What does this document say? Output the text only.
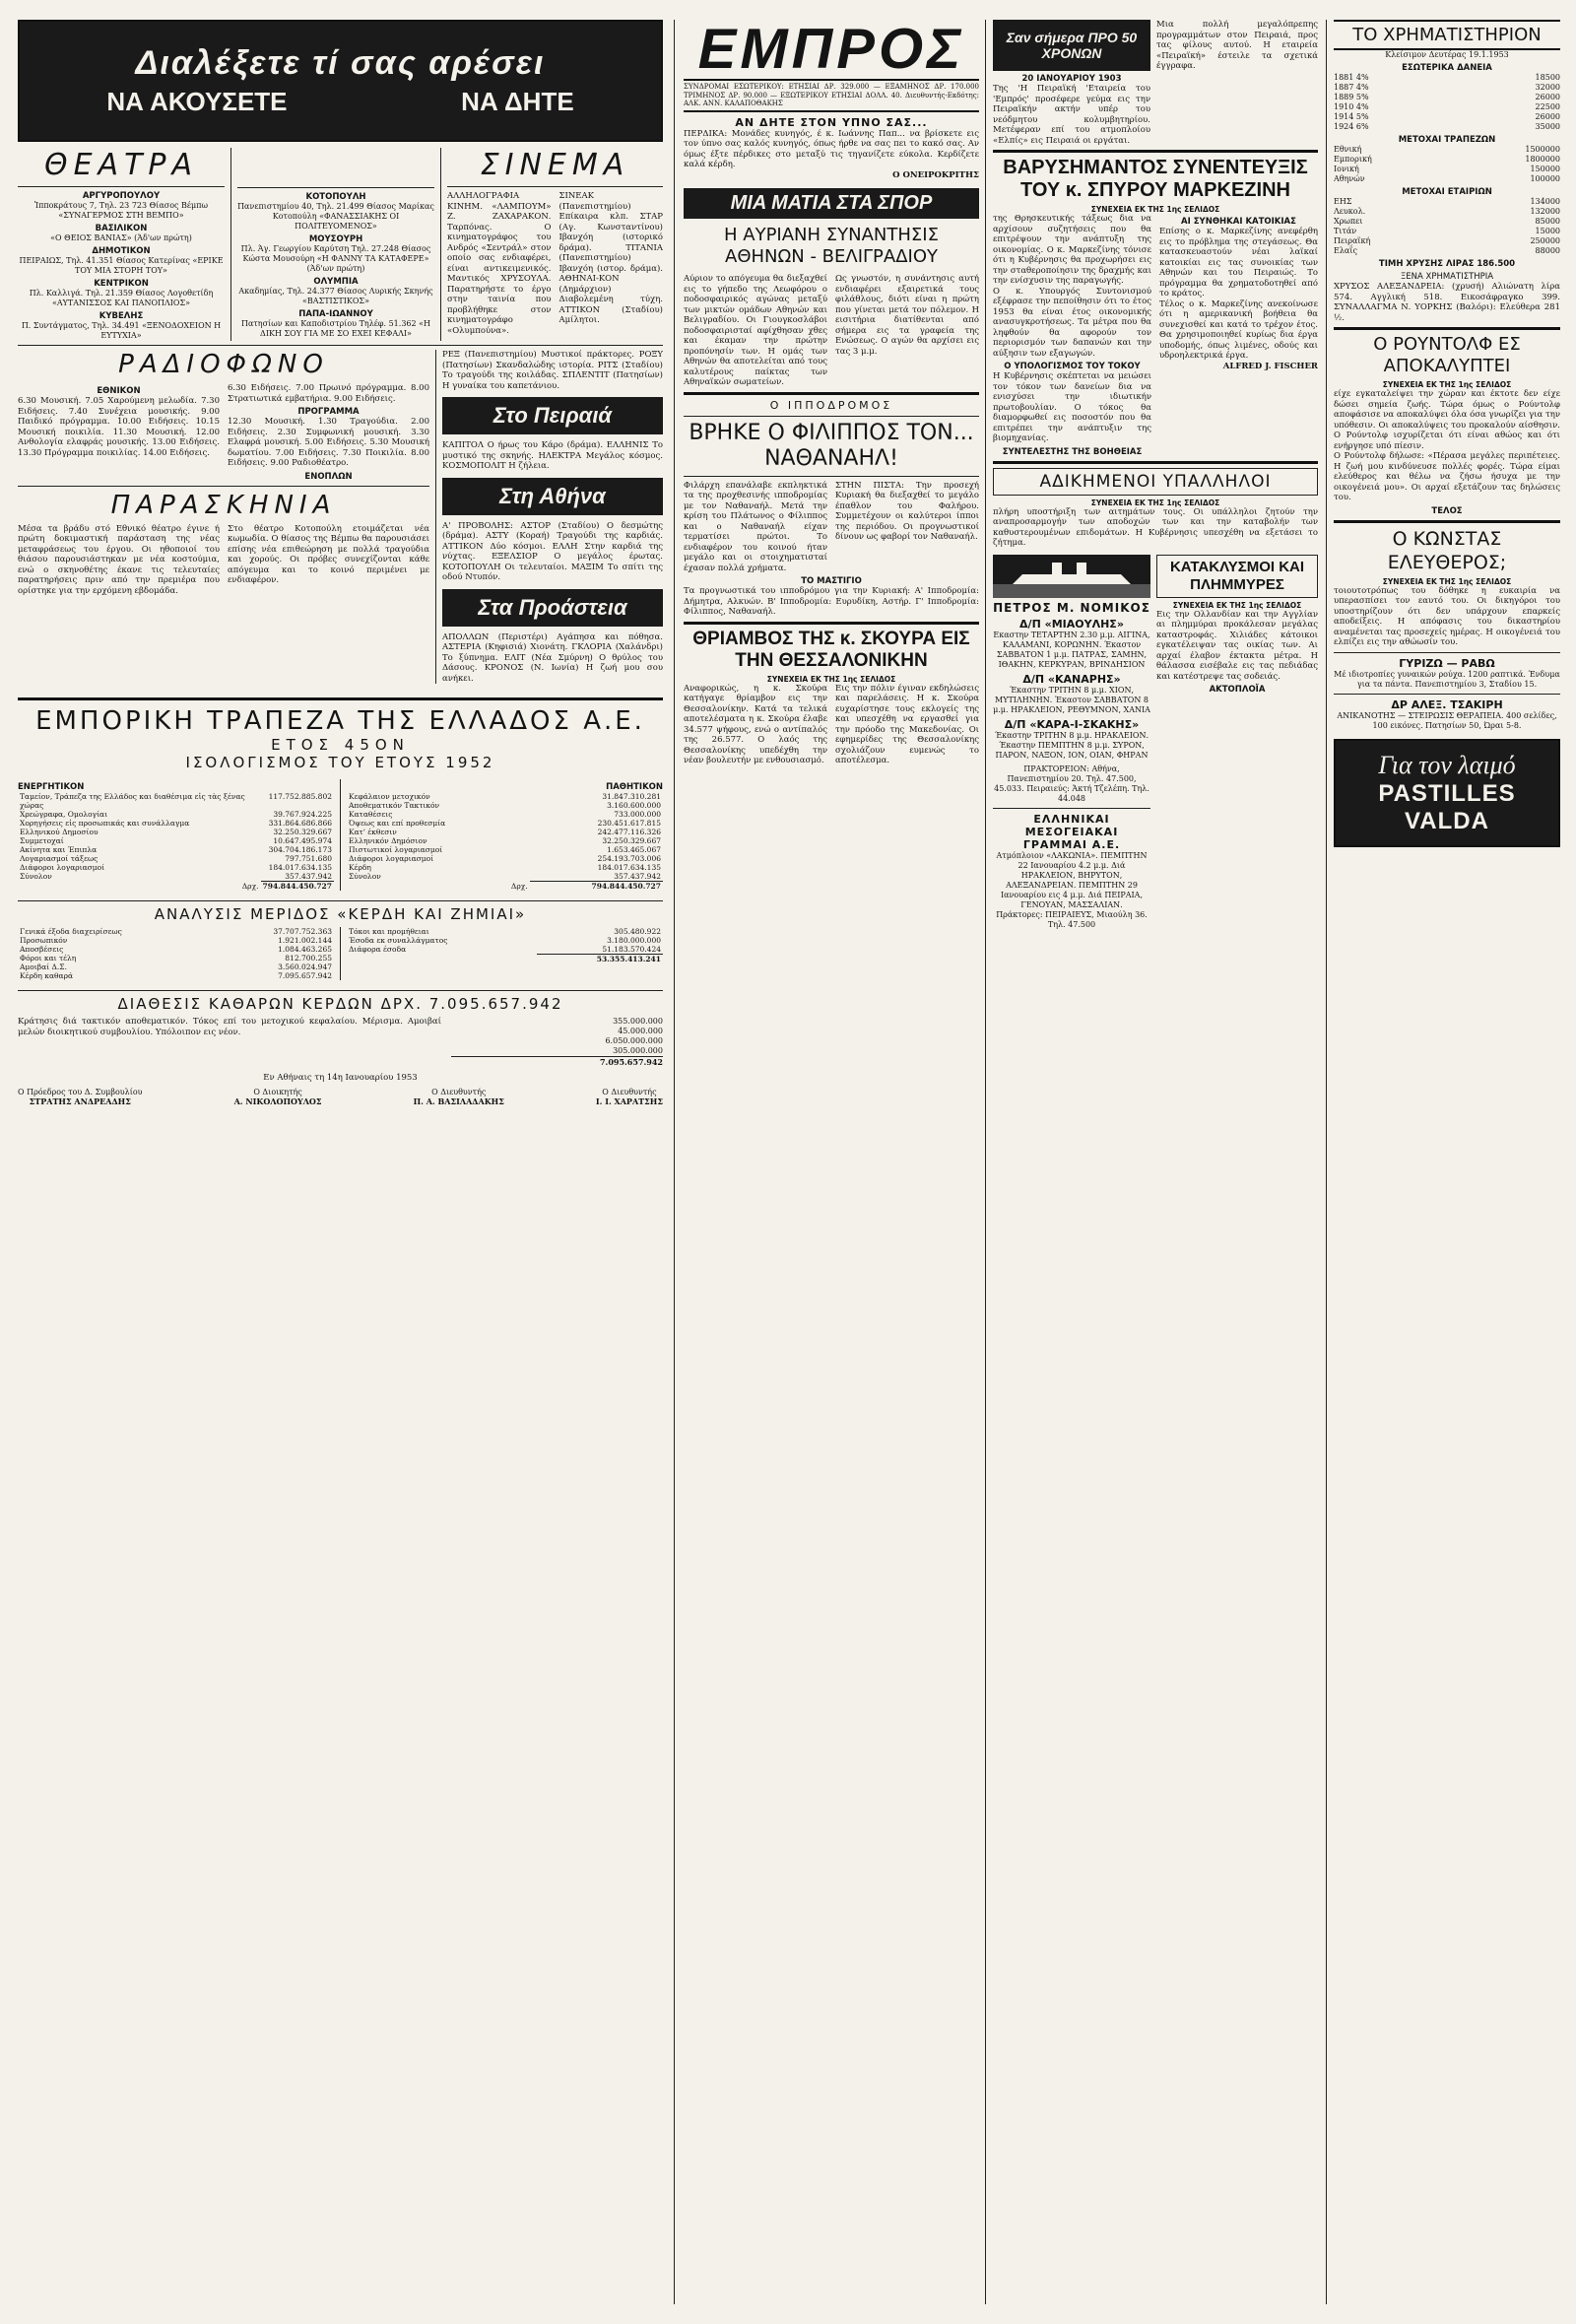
Διαλέξετε τί σας αρέσει
ΝΑ ΑΚΟΥΣΕΤΕ	ΝΑ ΔΗΤΕ
ΘΕΑΤΡΑ
ΑΡΓΥΡΟΠΟΥΛΟΥ
Ἱπποκράτους 7, Τηλ. 23 723 Θίασος Βέμπω «ΣΥΝΑΓΕΡΜΟΣ ΣΤΗ ΒΕΜΠΟ»
ΒΑΣΙΛΙΚΟΝ
«Ο ΘΕΙΟΣ ΒΑΝΙΑΣ» (Άδ'ων πρώτη)
ΔΗΜΟΤΙΚΟΝ
ΠΕΙΡΑΙΩΣ, Τηλ. 41.351 Θίασος Κατερίνας «ΕΡΙΚΕ ΤΟΥ ΜΙΑ ΣΤΟΡΗ ΤΟΥ»
ΚΕΝΤΡΙΚΟΝ
Πλ. Καλλιγά. Τηλ. 21.359 Θίασος Λογοθετίδη «ΑΥΤΑΝΙΣΣΟΣ ΚΑΙ ΠΑΝΟΠΛΙΟΣ»
ΚΥΒΕΛΗΣ
Π. Συντάγματος, Τηλ. 34.491 «ΞΕΝΟΔΟΧΕΙΟΝ Η ΕΥΤΥΧΙΑ»
ΚΟΤΟΠΟΥΛΗ
Πανεπιστημίου 40, Τηλ. 21.499 Θίασος Μαρίκας Κοτοπούλη «ΦΑΝΑΣΣΙΑΚΗΣ ΟΙ ΠΟΛΙΤΕΥΟΜΕΝΟΣ»
ΜΟΥΣΟΥΡΗ
Πλ. Άγ. Γεωργίου Καρύτση Τηλ. 27.248 Θίασος Κώστα Μουσούρη «Η ΦΑΝΝΥ ΤΑ ΚΑΤΑΦΕΡΕ» (Άδ'ων πρώτη)
ΟΛΥΜΠΙΑ
Ακαδημίας, Τηλ. 24.377 Θίασος Λυρικής Σκηνής «ΒΑΣΤΙΣΤΙΚΟΣ»
ΠΑΠΑ-ΙΩΑΝΝΟΥ
Πατησίων και Καποδιστρίου Τηλέφ. 51.362 «Η ΔΙΚΗ ΣΟΥ ΓΙΑ ΜΕ ΣΟ ΕΧΕΙ ΚΕΦΑΛΙ»
ΣΙΝΕΜΑ
ΑΛΛΗΛΟΓΡΑΦΙΑ ΚΙΝΗΜ. «ΛΑΜΠΟΥΜ» Ζ. ΖΑΧΑΡΑΚΟΝ. Ταρπόνας. Ο κινηματογράφος του Ανδρός «Σεντράλ» στον οποίο σας ενδιαφέρει, είναι αντικειμενικός. Μαντικός ΧΡΥΣΟΥΛΑ. Παρατηρήστε το έργο στην ταινία που προβλήθηκε στον κινηματογράφο «Ολυμπούνα».
ΣΙΝΕΑΚ (Πανεπιστημίου) Επίκαιρα κλπ. ΣΤΑΡ (Αγ. Κωνσταντίνου) Ιβανχόη (ιστορικό δράμα). ΤΙΤΑΝΙΑ (Πανεπιστημίου) Ιβανχόη (ιστορ. δράμα). ΑΘΗΝΑΙ-ΚΟΝ (Δημάρχιον) Διαβολεμένη τύχη. ΑΤΤΙΚΟΝ (Σταδίου) Αμίλητοι.
ΡΑΔΙΟΦΩΝΟ
ΕΘΝΙΚΟΝ
6.30 Μουσική. 7.05 Χαρούμενη μελωδία. 7.30 Ειδήσεις. 7.40 Συνέχεια μουσικής. 9.00 Παιδικό πρόγραμμα. 10.00 Ειδήσεις. 10.15 Μουσική ποικιλία. 11.30 Μουσική. 12.00 Ανθολογία ελαφράς μουσικής. 13.00 Ειδήσεις. 13.30 Πρόγραμμα ποικιλίας. 14.00 Ειδήσεις.
6.30 Ειδήσεις. 7.00 Πρωινό πρόγραμμα. 8.00 Στρατιωτικά εμβατήρια. 9.00 Ειδήσεις.
ΠΡΟΓΡΑΜΜΑ
12.30 Μουσική. 1.30 Τραγούδια. 2.00 Ειδήσεις. 2.30 Συμφωνική μουσική. 3.30 Ελαφρά μουσική. 5.00 Ειδήσεις. 5.30 Μουσική δωματίου. 7.00 Ειδήσεις. 7.30 Ποικιλία. 8.00 Ειδήσεις. 9.00 Ραδιοθέατρο.
ΕΝΟΠΛΩΝ
ΠΑΡΑΣΚΗΝΙΑ
Μέσα τα βράδυ στό Εθνικό θέατρο έγινε ή πρώτη δοκιμαστική παράσταση της νέας μεταφράσεως του έργου. Οι ηθοποιοί του θιάσου παρουσιάστηκαν με νέα κοστούμια, ενώ ο σκηνοθέτης έκανε τις τελευταίες παρατηρήσεις πριν από την πρεμιέρα που ορίστηκε για την ερχόμενη εβδομάδα.
Στο θέατρο Κοτοπούλη ετοιμάζεται νέα κωμωδία. Ο θίασος της Βέμπω θα παρουσιάσει επίσης νέα επιθεώρηση με πολλά τραγούδια και χορούς. Οι πρόβες συνεχίζονται κάθε απόγευμα και το κοινό περιμένει με ενδιαφέρον.
ΡΕΞ (Πανεπιστημίου) Μυστικοί πράκτορες. ΡΟΞΥ (Πατησίων) Σκανδαλώδης ιστορία. ΡΙΤΣ (Σταδίου) Το τραγούδι της κοιλάδας. ΣΠΛΕΝΤΙΤ (Πατησίων) Η γυναίκα του καπετάνιου.
Στο Πειραιά
ΚΑΠΙΤΟΛ Ο ήρως του Κάρο (δράμα). ΕΛΛΗΝΙΣ Το μυστικό της σκηνής. ΗΛΕΚΤΡΑ Μεγάλος κόσμος. ΚΟΣΜΟΠΟΛΙΤ Η ζήλεια.
Στη Αθήνα
Α' ΠΡΟΒΟΛΗΣ: ΑΣΤΟΡ (Σταδίου) Ο δεσμώτης (δράμα). ΑΣΤΥ (Κοραή) Τραγούδι της καρδιάς. ΑΤΤΙΚΟΝ Δύο κόσμοι. ΕΛΛΗ Στην καρδιά της νύχτας. ΕΞΕΛΣΙΟΡ Ο μεγάλος έρωτας. ΚΟΤΟΠΟΥΛΗ Οι τελευταίοι. ΜΑΞΙΜ Το σπίτι της οδού Ντυπόν.
Στα Προάστεια
ΑΠΟΛΛΩΝ (Περιστέρι) Αγάπησα και πόθησα. ΑΣΤΕΡΙΑ (Κηφισιά) Χιονάτη. ΓΚΛΟΡΙΑ (Χαλάνδρι) Το ξύπνημα. ΕΛΙΤ (Νέα Σμύρνη) Ο θρύλος του Δάσους. ΚΡΟΝΟΣ (Ν. Ιωνία) Η ζωή μου σου ανήκει.
ΕΜΠΟΡΙΚΗ ΤΡΑΠΕΖΑ ΤΗΣ ΕΛΛΑΔΟΣ Α.Ε.
ΕΤΟΣ 45ΟΝ
ΙΣΟΛΟΓΙΣΜΟΣ ΤΟΥ ΕΤΟΥΣ 1952
ΕΝΕΡΓΗΤΙΚΟΝ
Ταμείον, Τράπεζα της Ελλάδος και διαθέσιμα εἰς τὰς ξένας χώρας	117.752.885.802
Χρεώγραφα, Ομολογίαι	39.767.924.225
Χορηγήσεις εἰς προσωπικάς και συνάλλαγμα	331.864.686.866
Ελληνικού Δημοσίου	32.250.329.667
Συμμετοχαί	10.647.495.974
Ακίνητα και Έπιπλα	304.704.186.173
Λογαριασμοί τάξεως	797.751.680
Διάφοροι λογαριασμοί	184.017.634.135
Σύνολον	357.437.942
Δρχ.	794.844.450.727
ΠΑΘΗΤΙΚΟΝ
Κεφάλαιον μετοχικόν	31.847.310.281
Αποθεματικόν Τακτικόν	3.160.600.000
Καταθέσεις	733.000.000
Όψεως και επί προθεσμία	230.451.617.815
Κατ' έκθεσιν	242.477.116.326
Ελληνικόν Δημόσιον	32.250.329.667
Πιστωτικοί λογαριασμοί	1.653.465.067
Διάφοροι λογαριασμοί	254.193.703.006
Κέρδη	184.017.634.135
Σύνολον	357.437.942
Δρχ.	794.844.450.727
ΑΝΑΛΥΣΙΣ ΜΕΡΙΔΟΣ «ΚΕΡΔΗ ΚΑΙ ΖΗΜΙΑΙ»
Γενικά έξοδα διαχειρίσεως	37.707.752.363
Προσωπικόν	1.921.002.144
Αποσβέσεις	1.084.463.265
Φόροι και τέλη	812.700.255
Αμοιβαί Δ.Σ.	3.560.024.947
Κέρδη καθαρά	7.095.657.942
Τόκοι και προμήθειαι	305.480.922
Έσοδα εκ συναλλάγματος	3.180.000.000
Διάφορα έσοδα	51.183.570.424
	53.355.413.241
ΔΙΑΘΕΣΙΣ ΚΑΘΑΡΩΝ ΚΕΡΔΩΝ ΔΡΧ. 7.095.657.942
Κράτησις διά τακτικόν αποθεματικόν. Τόκος επί του μετοχικού κεφαλαίου. Μέρισμα. Αμοιβαί μελών διοικητικού συμβουλίου. Υπόλοιπον εις νέον.
355.000.000
45.000.000
6.050.000.000
305.000.000
7.095.657.942
Εν Αθήναις τη 14η Ιανουαρίου 1953
Ο Πρόεδρος του Δ. Συμβουλίου
ΣΤΡΑΤΗΣ ΑΝΔΡΕΑΔΗΣ
Ο Διοικητής
Α. ΝΙΚΟΛΟΠΟΥΛΟΣ
Ο Διευθυντής
Π. Α. ΒΑΣΙΛΑΔΑΚΗΣ
Ο Διευθυντής
Ι. Ι. ΧΑΡΑΤΣΗΣ
ΕΜΠΡΟΣ
ΣΥΝΔΡΟΜΑΙ ΕΣΩΤΕΡΙΚΟΥ: ΕΤΗΣΙΑΙ ΔΡ. 329.000 — ΕΞΑΜΗΝΟΣ ΔΡ. 170.000 ΤΡΙΜΗΝΟΣ ΔΡ. 90.000 — ΕΞΩΤΕΡΙΚΟΥ ΕΤΗΣΙΑΙ ΔΟΛΛ. 40. Διευθυντής-Εκδότης: ΑΛΚ. ΑΝΝ. ΚΑΛΑΠΟΘΑΚΗΣ
ΑΝ ΔΗΤΕ ΣΤΟΝ ΥΠΝΟ ΣΑΣ...
ΠΕΡΔΙΚΑ: Μονάδες κυνηγός, έ κ. Ιωάννης Παπ... να βρίσκετε εις τον ύπνο σας καλός κυνηγός, όπως ήρθε να σας πει το κακό σας. Αν όμως έξτε πέρδικες στο μεταξύ τις τηγανίζετε εύκολα. Κερδίζετε καλά κέρδη.
Ο ΟΝΕΙΡΟΚΡΙΤΗΣ
ΜΙΑ ΜΑΤΙΑ ΣΤΑ ΣΠΟΡ
Η ΑΥΡΙΑΝΗ ΣΥΝΑΝΤΗΣΙΣ ΑΘΗΝΩΝ - ΒΕΛΙΓΡΑΔΙΟΥ
Αύριον το απόγευμα θα διεξαχθεί εις το γήπεδο της Λεωφόρου ο ποδοσφαιρικός αγώνας μεταξύ των μικτών ομάδων Αθηνών και Βελιγραδίου. Οι Γιουγκοσλάβοι ποδοσφαιρισταί αφίχθησαν χθες και έκαμαν την πρώτην προπόνησίν των. Η ομάς των Αθηνών θα αποτελείται από τους καλυτέρους παίκτας των Αθηναϊκών σωματείων.
Ως γνωστόν, η συνάντησις αυτή ενδιαφέρει εξαιρετικά τους φιλάθλους, διότι είναι η πρώτη που γίνεται μετά τον πόλεμον. Η εισιτήρια διατίθενται από σήμερα εις τα γραφεία της Ενώσεως. Ο αγών θα αρχίσει εις τας 3 μ.μ.
Ο ΙΠΠΟΔΡΟΜΟΣ
ΒΡΗΚΕ Ο ΦΙΛΙΠΠΟΣ ΤΟΝ... ΝΑΘΑΝΑΗΛ!
Φιλάρχη επανάλαβε εκπληκτικά τα της προχθεσινής ιπποδρομίας με τον Ναθαναήλ. Μετά την κρίση του Πλάτωνος ο Φίλιππος και ο Ναθαναήλ είχαν τερματίσει πρώτοι. Το ενδιαφέρον του κοινού ήταν μεγάλο και οι στοιχηματισταί έχασαν πολλά χρήματα.
ΣΤΗΝ ΠΙΣΤΑ: Την προσεχή Κυριακή θα διεξαχθεί το μεγάλο έπαθλον του Φαλήρου. Συμμετέχουν οι καλύτεροι ίπποι της περιόδου. Οι προγνωστικοί δίνουν ως φαβορί τον Ναθαναήλ.
ΤΟ ΜΑΣΤΙΓΙΟ
Τα προγνωστικά του ιπποδρόμου για την Κυριακή: Α' Ιπποδρομία: Δήμητρα, Αλκυών. Β' Ιπποδρομία: Ευρυδίκη, Αστήρ. Γ' Ιπποδρομία: Φίλιππος, Ναθαναήλ.
ΘΡΙΑΜΒΟΣ ΤΗΣ κ. ΣΚΟΥΡΑ ΕΙΣ ΤΗΝ ΘΕΣΣΑΛΟΝΙΚΗΝ
ΣΥΝΕΧΕΙΑ ΕΚ ΤΗΣ 1ης ΣΕΛΙΔΟΣ
Αναφορικώς, η κ. Σκούρα κατήγαγε θρίαμβον εις την Θεσσαλονίκην. Κατά τα τελικά αποτελέσματα η κ. Σκούρα έλαβε 34.577 ψήφους, ενώ ο αντίπαλός της 26.577. Ο λαός της Θεσσαλονίκης υπεδέχθη την νέαν βουλευτήν με ενθουσιασμό.
Εις την πόλιν έγιναν εκδηλώσεις και παρελάσεις. Η κ. Σκούρα ευχαρίστησε τους εκλογείς της και υπεσχέθη να εργασθεί για την πρόοδο της Μακεδονίας. Οι εφημερίδες της Θεσσαλονίκης σχολιάζουν ευμενώς το αποτέλεσμα.
Σαν σήμερα ΠΡΟ 50 ΧΡΟΝΩΝ
20 ΙΑΝΟΥΑΡΙΟΥ 1903
Της 'Η Πειραϊκή 'Εταιρεία του 'Εμπρός' προσέφερε γεύμα εις την Πειραϊκήν ακτήν υπέρ του νεόδμητου κολυμβητηρίου. Μετέφεραν επί του ατμοπλοίου «Ελπίς» εις Πειραιά οι εργάται.
Μια πολλή μεγαλόπρεπης προγραμμάτων στον Πειραιά, προς τας φίλους αυτού. Η εταιρεία «Πειραϊκή» έστειλε τα σχετικά έγγραφα.
ΒΑΡΥΣΗΜΑΝΤΟΣ ΣΥΝΕΝΤΕΥΞΙΣ ΤΟΥ κ. ΣΠΥΡΟΥ ΜΑΡΚΕΖΙΝΗ
ΣΥΝΕΧΕΙΑ ΕΚ ΤΗΣ 1ης ΣΕΛΙΔΟΣ
της Θρησκευτικής τάξεως δια να αρχίσουν συζητήσεις που θα επιτρέψουν την ανάπτυξη της οικονομίας. Ο κ. Μαρκεζίνης τόνισε ότι η Κυβέρνησις θα προχωρήσει εις την σταθεροποίησιν της δραχμής και την ενίσχυσιν της παραγωγής.
Ο κ. Υπουργός Συντονισμού εξέφρασε την πεποίθησιν ότι το έτος 1953 θα είναι έτος οικονομικής ανασυγκροτήσεως. Τα μέτρα που θα ληφθούν θα αφορούν τον περιορισμόν των δαπανών και την αύξησιν των εξαγωγών.
Ο ΥΠΟΛΟΓΙΣΜΟΣ ΤΟΥ ΤΟΚΟΥ
Η Κυβέρνησις σκέπτεται να μειώσει τον τόκον των δανείων δια να ενισχύσει την ιδιωτικήν πρωτοβουλίαν. Ο τόκος θα διαμορφωθεί εις ποσοστόν που θα επιτρέπει την ανάπτυξιν της βιομηχανίας.
ΣΥΝΤΕΛΕΣΤΗΣ ΤΗΣ ΒΟΗΘΕΙΑΣ
ΑΙ ΣΥΝΘΗΚΑΙ ΚΑΤΟΙΚΙΑΣ
Επίσης ο κ. Μαρκεζίνης ανεφέρθη εις το πρόβλημα της στεγάσεως. Θα κατασκευαστούν νέαι λαϊκαί κατοικίαι εις τας συνοικίας των Αθηνών και του Πειραιώς. Το πρόγραμμα θα χρηματοδοτηθεί από το κράτος.
Τέλος ο κ. Μαρκεζίνης ανεκοίνωσε ότι η αμερικανική βοήθεια θα συνεχισθεί και κατά το τρέχον έτος. Θα χρησιμοποιηθεί κυρίως δια έργα υποδομής, όπως λιμένες, οδούς και υδροηλεκτρικά έργα.
ALFRED J. FISCHER
ΑΔΙΚΗΜΕΝΟΙ ΥΠΑΛΛΗΛΟΙ
ΣΥΝΕΧΕΙΑ ΕΚ ΤΗΣ 1ης ΣΕΛΙΔΟΣ
πλήρη υποστήριξη των αιτημάτων τους. Οι υπάλληλοι ζητούν την αναπροσαρμογήν των αποδοχών των και την καταβολήν των καθυστερουμένων επιδομάτων. Η Κυβέρνησις υπεσχέθη να εξετάσει το ζήτημα.
ΠΕΤΡΟΣ Μ. ΝΟΜΙΚΟΣ
Δ/Π «ΜΙΑΟΥΛΗΣ»
Εκαστην ΤΕΤΑΡΤΗΝ 2.30 μ.μ. ΑΙΓΙΝΑ, ΚΑΛΑΜΑΝΙ, ΚΟΡΩΝΗΝ. Έκαστον ΣΑΒΒΑΤΟΝ 1 μ.μ. ΠΑΤΡΑΣ, ΣΑΜΗΝ, ΙΘΑΚΗΝ, ΚΕΡΚΥΡΑΝ, ΒΡΙΝΔΗΣΙΟΝ
Δ/Π «ΚΑΝΑΡΗΣ»
Έκαστην ΤΡΙΤΗΝ 8 μ.μ. ΧΙΟΝ, ΜΥΤΙΛΗΝΗΝ. Έκαστον ΣΑΒΒΑΤΟΝ 8 μ.μ. ΗΡΑΚΛΕΙΟΝ, ΡΕΘΥΜΝΟΝ, ΧΑΝΙΑ
Δ/Π «ΚΑΡΑ-Ι-ΣΚΑΚΗΣ»
Έκαστην ΤΡΙΤΗΝ 8 μ.μ. ΗΡΑΚΛΕΙΟΝ. Έκαστην ΠΕΜΠΤΗΝ 8 μ.μ. ΣΥΡΟΝ, ΠΑΡΟΝ, ΝΑΞΟΝ, ΙΟΝ, ΟΙΑΝ, ΦΗΡΑΝ
ΠΡΑΚΤΟΡΕΙΟΝ: Αθήνα, Πανεπιστημίου 20. Τηλ. 47.500, 45.033. Πειραιεύς: Άκτή Τζελέπη. Τηλ. 44.048
ΕΛΛΗΝΙΚΑΙ ΜΕΣΟΓΕΙΑΚΑΙ ΓΡΑΜΜΑΙ Α.Ε.
Ατμόπλοιον «ΛΑΚΩΝΙΑ». ΠΕΜΠΤΗΝ 22 Ιανουαρίου 4.2 μ.μ. Διά ΗΡΑΚΛΕΙΟΝ, ΒΗΡΥΤΟΝ, ΑΛΕΞΑΝΔΡΕΙΑΝ. ΠΕΜΠΤΗΝ 29 Ιανουαρίου εις 4 μ.μ. Διά ΠΕΙΡΑΙΑ, ΓΕΝΟΥΑΝ, ΜΑΣΣΑΛΙΑΝ.
Πράκτορες: ΠΕΙΡΑΙΕΥΣ, Μιαούλη 36. Τηλ. 47.500
ΚΑΤΑΚΛΥΣΜΟΙ ΚΑΙ ΠΛΗΜΜΥΡΕΣ
ΣΥΝΕΧΕΙΑ ΕΚ ΤΗΣ 1ης ΣΕΛΙΔΟΣ
Εις την Ολλανδίαν και την Αγγλίαν αι πλημμύραι προκάλεσαν μεγάλας καταστροφάς. Χιλιάδες κάτοικοι εγκατέλειψαν τας οικίας των. Αι αρχαί έλαβον έκτακτα μέτρα. Η θάλασσα εισέβαλε εις τας πεδιάδας και κατέστρεψε τας σοδειάς.
ΑΚΤΟΠΛΟΪΑ
ΤΟ ΧΡΗΜΑΤΙΣΤΗΡΙΟΝ
Κλείσιμον Δευτέρας 19.1.1953
ΕΣΩΤΕΡΙΚΑ ΔΑΝΕΙΑ
1881 4%	18500
1887 4%	32000
1889 5%	26000
1910 4%	22500
1914 5%	26000
1924 6%	35000
ΜΕΤΟΧΑΙ ΤΡΑΠΕΖΩΝ
Εθνική	1500000
Εμπορική	1800000
Ιονική	150000
Αθηνών	100000
ΜΕΤΟΧΑΙ ΕΤΑΙΡΙΩΝ
ΕΗΣ	134000
Λευκολ.	132000
Χρωπει	85000
Τιτάν	15000
Πειραϊκή	250000
Ελαΐς	88000
ΤΙΜΗ ΧΡΥΣΗΣ ΛΙΡΑΣ 186.500
ΞΕΝΑ ΧΡΗΜΑΤΙΣΤΗΡΙΑ
ΧΡΥΣΟΣ ΑΛΕΞΑΝΔΡΕΙΑ: (χρυσή) Αλιώνατη λίρα 574. Αγγλική 518. Εικοσάφραγκο 399. ΣΥΝΑΛΛΑΓΜΑ Ν. ΥΟΡΚΗΣ (Βαλόρι): Ελεύθερα 281 ½.
Ο ΡΟΥΝΤΟΛΦ ΕΣ ΑΠΟΚΑΛΥΠΤΕΙ
ΣΥΝΕΧΕΙΑ ΕΚ ΤΗΣ 1ης ΣΕΛΙΔΟΣ
είχε εγκαταλείψει την χώραν και έκτοτε δεν είχε δώσει σημεία ζωής. Τώρα όμως ο Ρούντολφ αποφάσισε να αποκαλύψει όλα όσα γνωρίζει για την υπόθεσιν. Οι αποκαλύψεις του προκαλούν αίσθησιν. Ο Ρούντολφ ισχυρίζεται ότι είναι αθώος και ότι ενήργησε υπό πίεσιν.
Ο Ρούντολφ δήλωσε: «Πέρασα μεγάλες περιπέτειες. Η ζωή μου κινδύνευσε πολλές φορές. Τώρα είμαι ελεύθερος και θέλω να ζήσω ήσυχα με την οικογένειά μου». Οι αρχαί εξετάζουν τας δηλώσεις του.
ΤΕΛΟΣ
Ο ΚΩΝΣΤΑΣ ΕΛΕΥΘΕΡΟΣ;
ΣΥΝΕΧΕΙΑ ΕΚ ΤΗΣ 1ης ΣΕΛΙΔΟΣ
τοιουτοτρόπως του δόθηκε η ευκαιρία να υπερασπίσει τον εαυτό του. Οι δικηγόροι του υποστηρίζουν ότι δεν υπάρχουν επαρκείς αποδείξεις. Η απόφασις του δικαστηρίου αναμένεται τας προσεχείς ημέρας. Η οικογένειά του ελπίζει εις την αθώωσίν του.
ΓΥΡΙΖΩ — ΡΑΒΩ
Μέ ιδιοτροπίες γυναικών ρούχα. 1200 ραπτικά. Ένδυμα για τα πάντα. Πανεπιστημίου 3, Σταδίου 15.
ΔΡ ΑΛΕΞ. ΤΣΑΚΙΡΗ
ΑΝΙΚΑΝΟΤΗΣ — ΣΤΕΙΡΩΣΙΣ ΘΕΡΑΠΕΙΑ. 400 σελίδες, 100 εικόνες. Πατησίων 50, Ώραι 5-8.
Για τον λαιμό
PASTILLES VALDA
